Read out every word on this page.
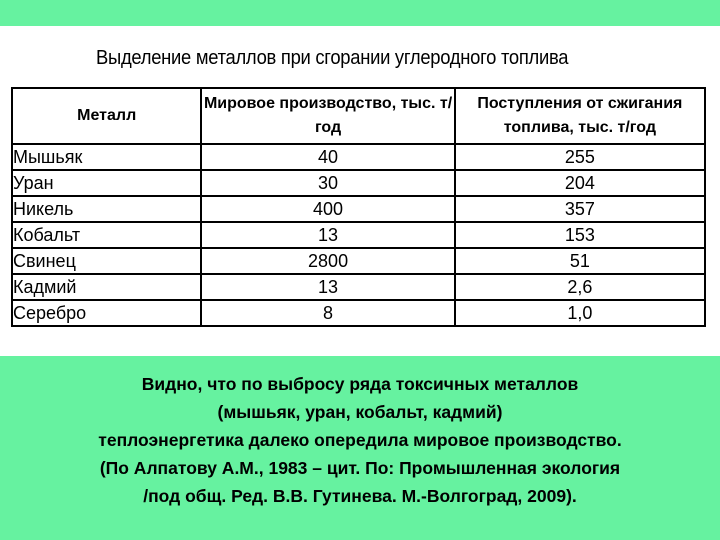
Выделение металлов при сгорании углеродного топлива
Металл	Мировое производство, тыс. т/год	Поступления от сжигания топлива, тыс. т/год
Мышьяк	40	255
Уран	30	204
Никель	400	357
Кобальт	13	153
Свинец	2800	51
Кадмий	13	2,6
Серебро	8	1,0
Видно, что по выбросу ряда токсичных металлов
(мышьяк, уран, кобальт, кадмий)
теплоэнергетика далеко опередила мировое производство.
(По Алпатову А.М., 1983 – цит. По: Промышленная экология
/под общ. Ред. В.В. Гутинева. М.-Волгоград, 2009).
